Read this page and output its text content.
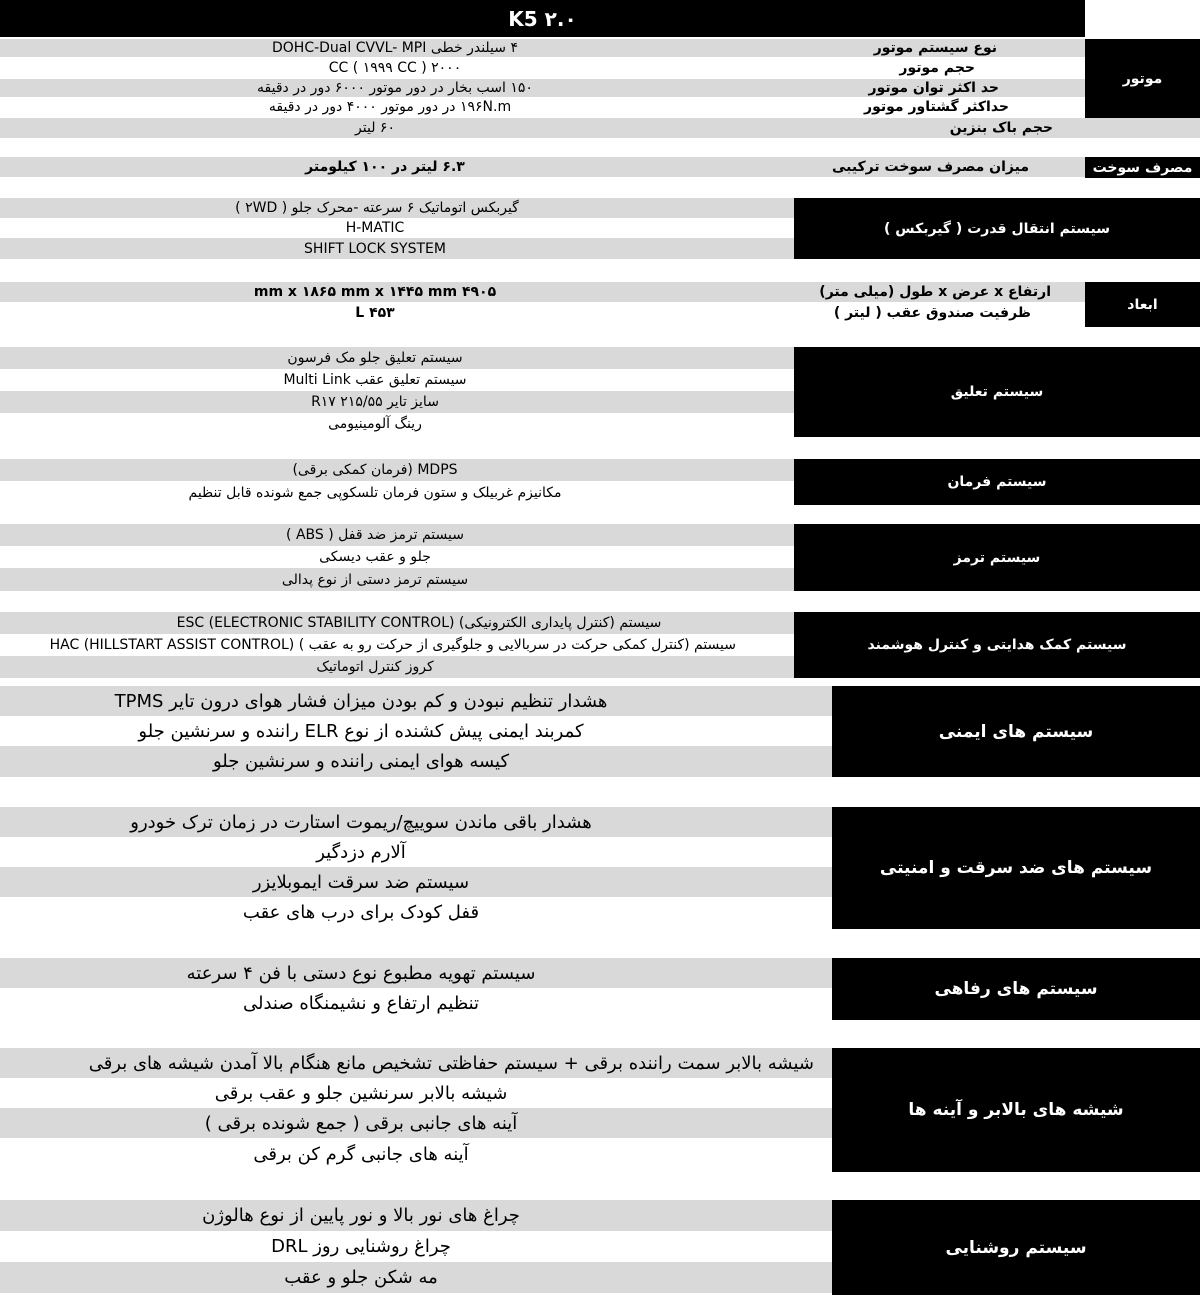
K5 ۲.۰
۴ سیلندر خطی DOHC-Dual CVVL- MPI	نوع سیستم موتور
۲۰۰۰ CC ( ۱۹۹۹ CC )	حجم موتور
۱۵۰ اسب بخار در دور موتور ۶۰۰۰ دور در دقیقه	حد اکثر توان موتور
۱۹۶N.m در دور موتور ۴۰۰۰ دور در دقیقه	حداکثر گشتاور موتور
۶۰ لیتر	حجم باک بنزین
موتور
۶.۳ لیتر در ۱۰۰ کیلومتر	میزان مصرف سوخت ترکیبی	مصرف سوخت
گیربکس اتوماتیک ۶ سرعته -محرک جلو ( ۲WD )
H-MATIC
SHIFT LOCK SYSTEM
سیستم انتقال قدرت ( گیربکس )
۴۹۰۵ mm x ۱۸۶۵ mm x ۱۴۴۵ mm	ارتفاع x عرض x طول (میلی متر)
۴۵۳ L	ظرفیت صندوق عقب ( لیتر )
ابعاد
سیستم تعلیق جلو مک فرسون
سیستم تعلیق عقب Multi Link
سایز تایر ۲۱۵/۵۵ R۱۷
رینگ آلومینیومی
سیستم تعلیق
MDPS (فرمان کمکی برقی)
مکانیزم غربیلک و ستون فرمان تلسکوپی جمع شونده قابل تنظیم
سیستم فرمان
سیستم ترمز ضد قفل ( ABS )
جلو و عقب دیسکی
سیستم ترمز دستی از نوع پدالی
سیستم ترمز
سیستم (کنترل پایداری الکترونیکی) ESC (ELECTRONIC STABILITY CONTROL)
سیستم (کنترل کمکی حرکت در سربالایی و جلوگیری از حرکت رو به عقب ) HAC (HILLSTART ASSIST CONTROL)
کروز کنترل اتوماتیک
سیستم کمک هدایتی و کنترل هوشمند
هشدار تنظیم نبودن و کم بودن میزان فشار هوای درون تایر TPMS
کمربند ایمنی پیش کشنده از نوع ELR راننده و سرنشین جلو
کیسه هوای ایمنی راننده و سرنشین جلو
سیستم های ایمنی
هشدار باقی ماندن سوییچ/ریموت استارت در زمان ترک خودرو
آلارم دزدگیر
سیستم ضد سرقت ایموبلایزر
قفل کودک برای درب های عقب
سیستم های ضد سرقت و امنیتی
سیستم تهویه مطبوع نوع دستی با فن ۴ سرعته
تنظیم ارتفاع و نشیمنگاه صندلی
سیستم های رفاهی
شیشه بالابر سمت راننده برقی + سیستم حفاظتی تشخیص مانع هنگام بالا آمدن شیشه های برقی
شیشه بالابر سرنشین جلو و عقب برقی
آینه های جانبی برقی ( جمع شونده برقی )
آینه های جانبی گرم کن برقی
شیشه های بالابر و آینه ها
چراغ های نور بالا و نور پایین از نوع هالوژن
چراغ روشنایی روز DRL
مه شکن جلو و عقب
سیستم روشنایی
